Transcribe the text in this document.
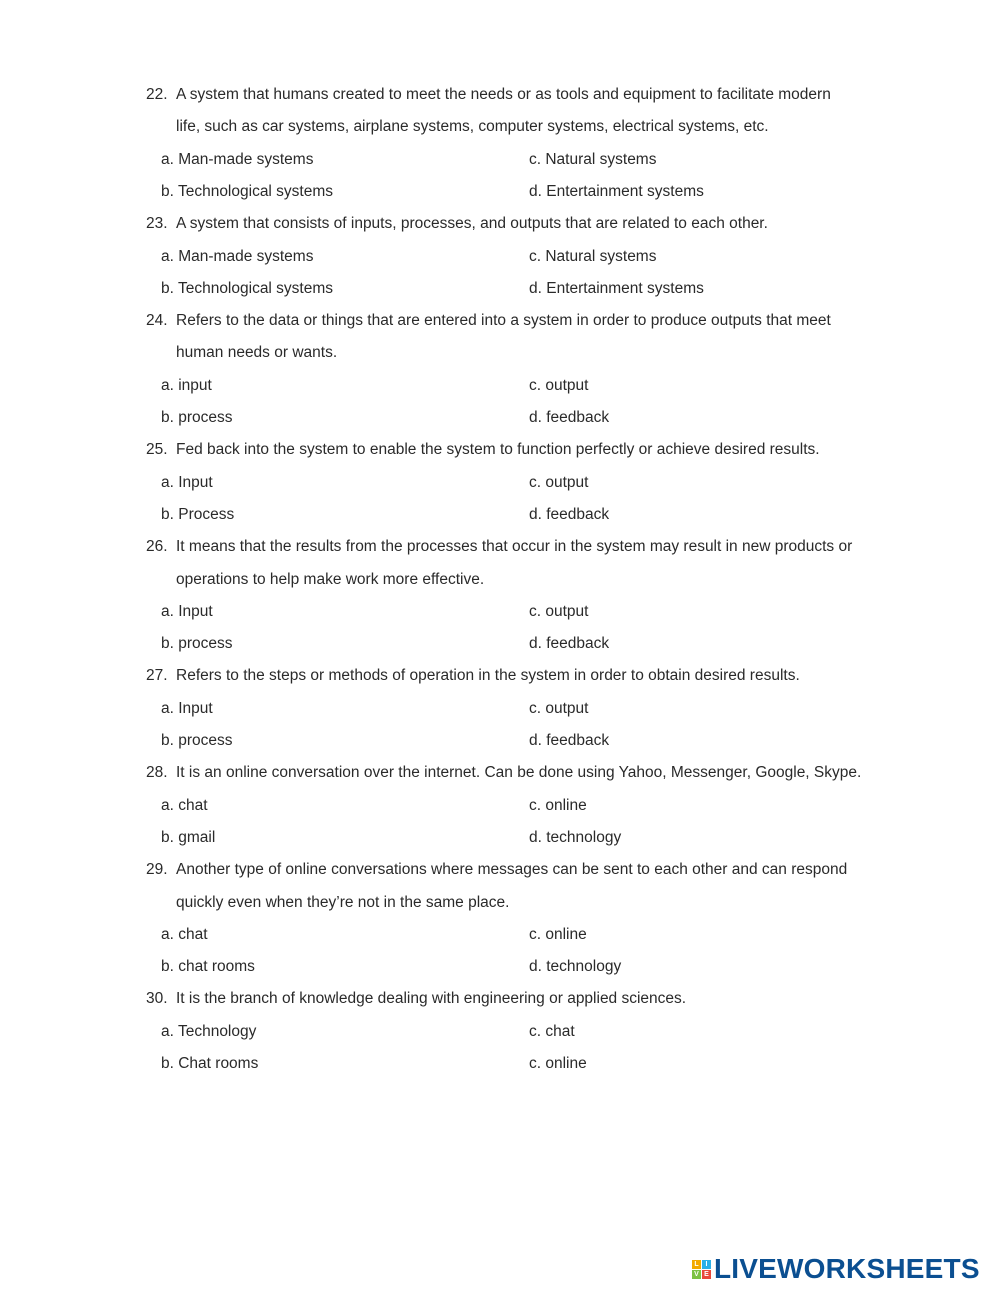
22. A system that humans created to meet the needs or as tools and equipment to facilitate modern
life, such as car systems, airplane systems, computer systems, electrical systems, etc.
a. Man-made systems	c. Natural systems
b. Technological systems	d. Entertainment systems
23. A system that consists of inputs, processes, and outputs that are related to each other.
a. Man-made systems	c. Natural systems
b. Technological systems	d. Entertainment systems
24. Refers to the data or things that are entered into a system in order to produce outputs that meet
human needs or wants.
a. input	c. output
b. process	d. feedback
25. Fed back into the system to enable the system to function perfectly or achieve desired results.
a. Input	c. output
b. Process	d. feedback
26. It means that the results from the processes that occur in the system may result in new products or
operations to help make work more effective.
a. Input	c. output
b. process	d. feedback
27. Refers to the steps or methods of operation in the system in order to obtain desired results.
a. Input	c. output
b. process	d. feedback
28. It is an online conversation over the internet. Can be done using Yahoo, Messenger, Google, Skype.
a. chat	c. online
b. gmail	d. technology
29. Another type of online conversations where messages can be sent to each other and can respond
quickly even when they’re not in the same place.
a. chat	c. online
b. chat rooms	d. technology
30. It is the branch of knowledge dealing with engineering or applied sciences.
a. Technology	c. chat
b. Chat rooms	c. online
L I
V E LIVEWORKSHEETS
